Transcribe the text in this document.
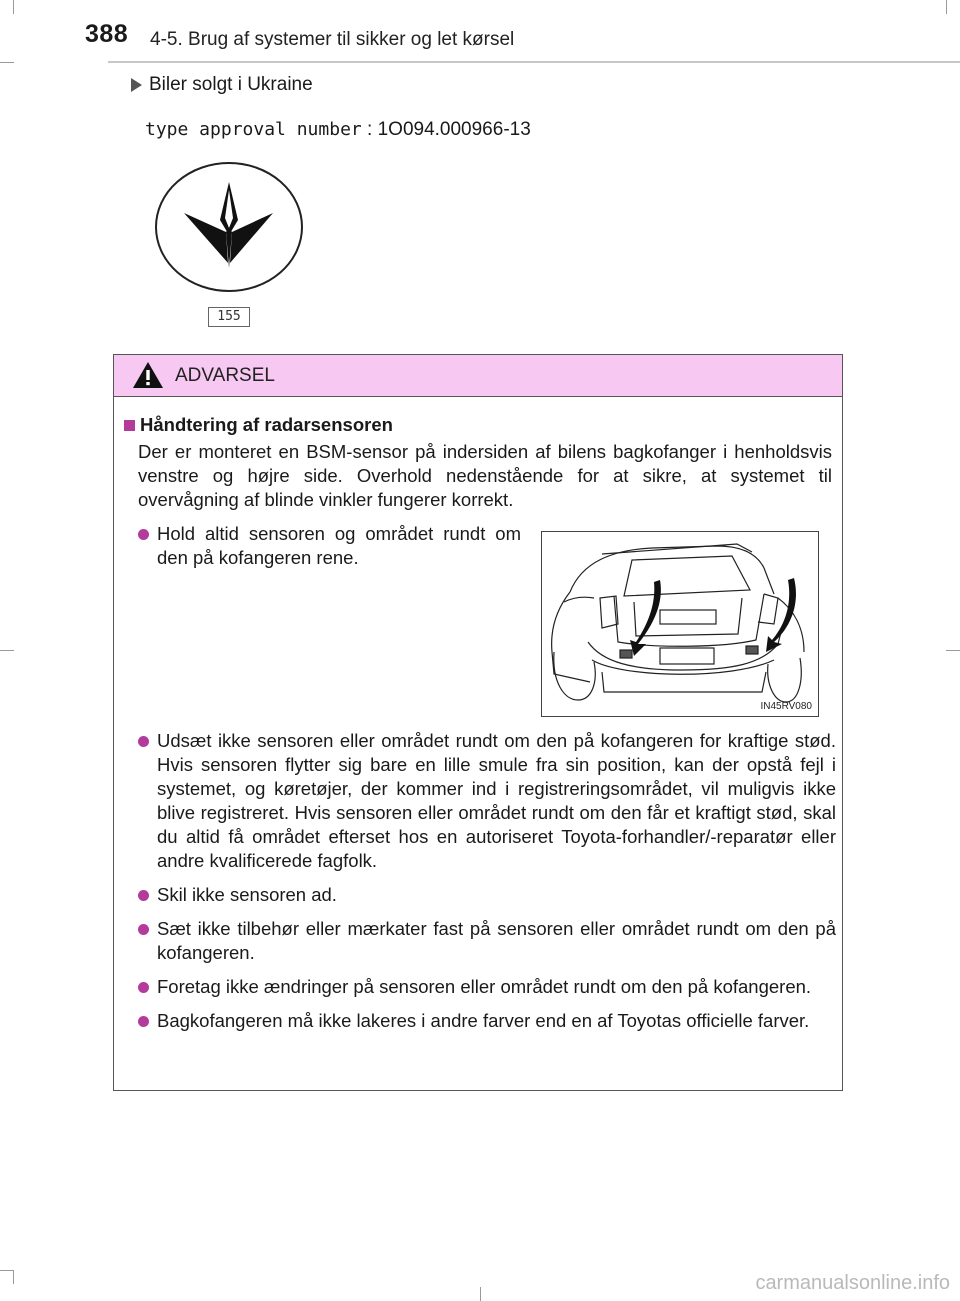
388 4-5. Brug af systemer til sikker og let kørsel
Biler solgt i Ukraine
type approval number : 1O094.000966-13
155
ADVARSEL
Håndtering af radarsensoren
Der er monteret en BSM-sensor på indersiden af bilens bagkofanger i henholdsvis venstre og højre side. Overhold nedenstående for at sikre, at systemet til overvågning af blinde vinkler fungerer korrekt.
Hold altid sensoren og området rundt om den på kofangeren rene.
IN45RV080
Udsæt ikke sensoren eller området rundt om den på kofangeren for kraftige stød. Hvis sensoren flytter sig bare en lille smule fra sin position, kan der opstå fejl i systemet, og køretøjer, der kommer ind i registreringsområdet, vil muligvis ikke blive registreret. Hvis sensoren eller området rundt om den får et kraftigt stød, skal du altid få området efterset hos en autoriseret Toyota-forhandler/-reparatør eller andre kvalificerede fagfolk.
Skil ikke sensoren ad.
Sæt ikke tilbehør eller mærkater fast på sensoren eller området rundt om den på kofangeren.
Foretag ikke ændringer på sensoren eller området rundt om den på kofangeren.
Bagkofangeren må ikke lakeres i andre farver end en af Toyotas officielle farver.
carmanualsonline.info
